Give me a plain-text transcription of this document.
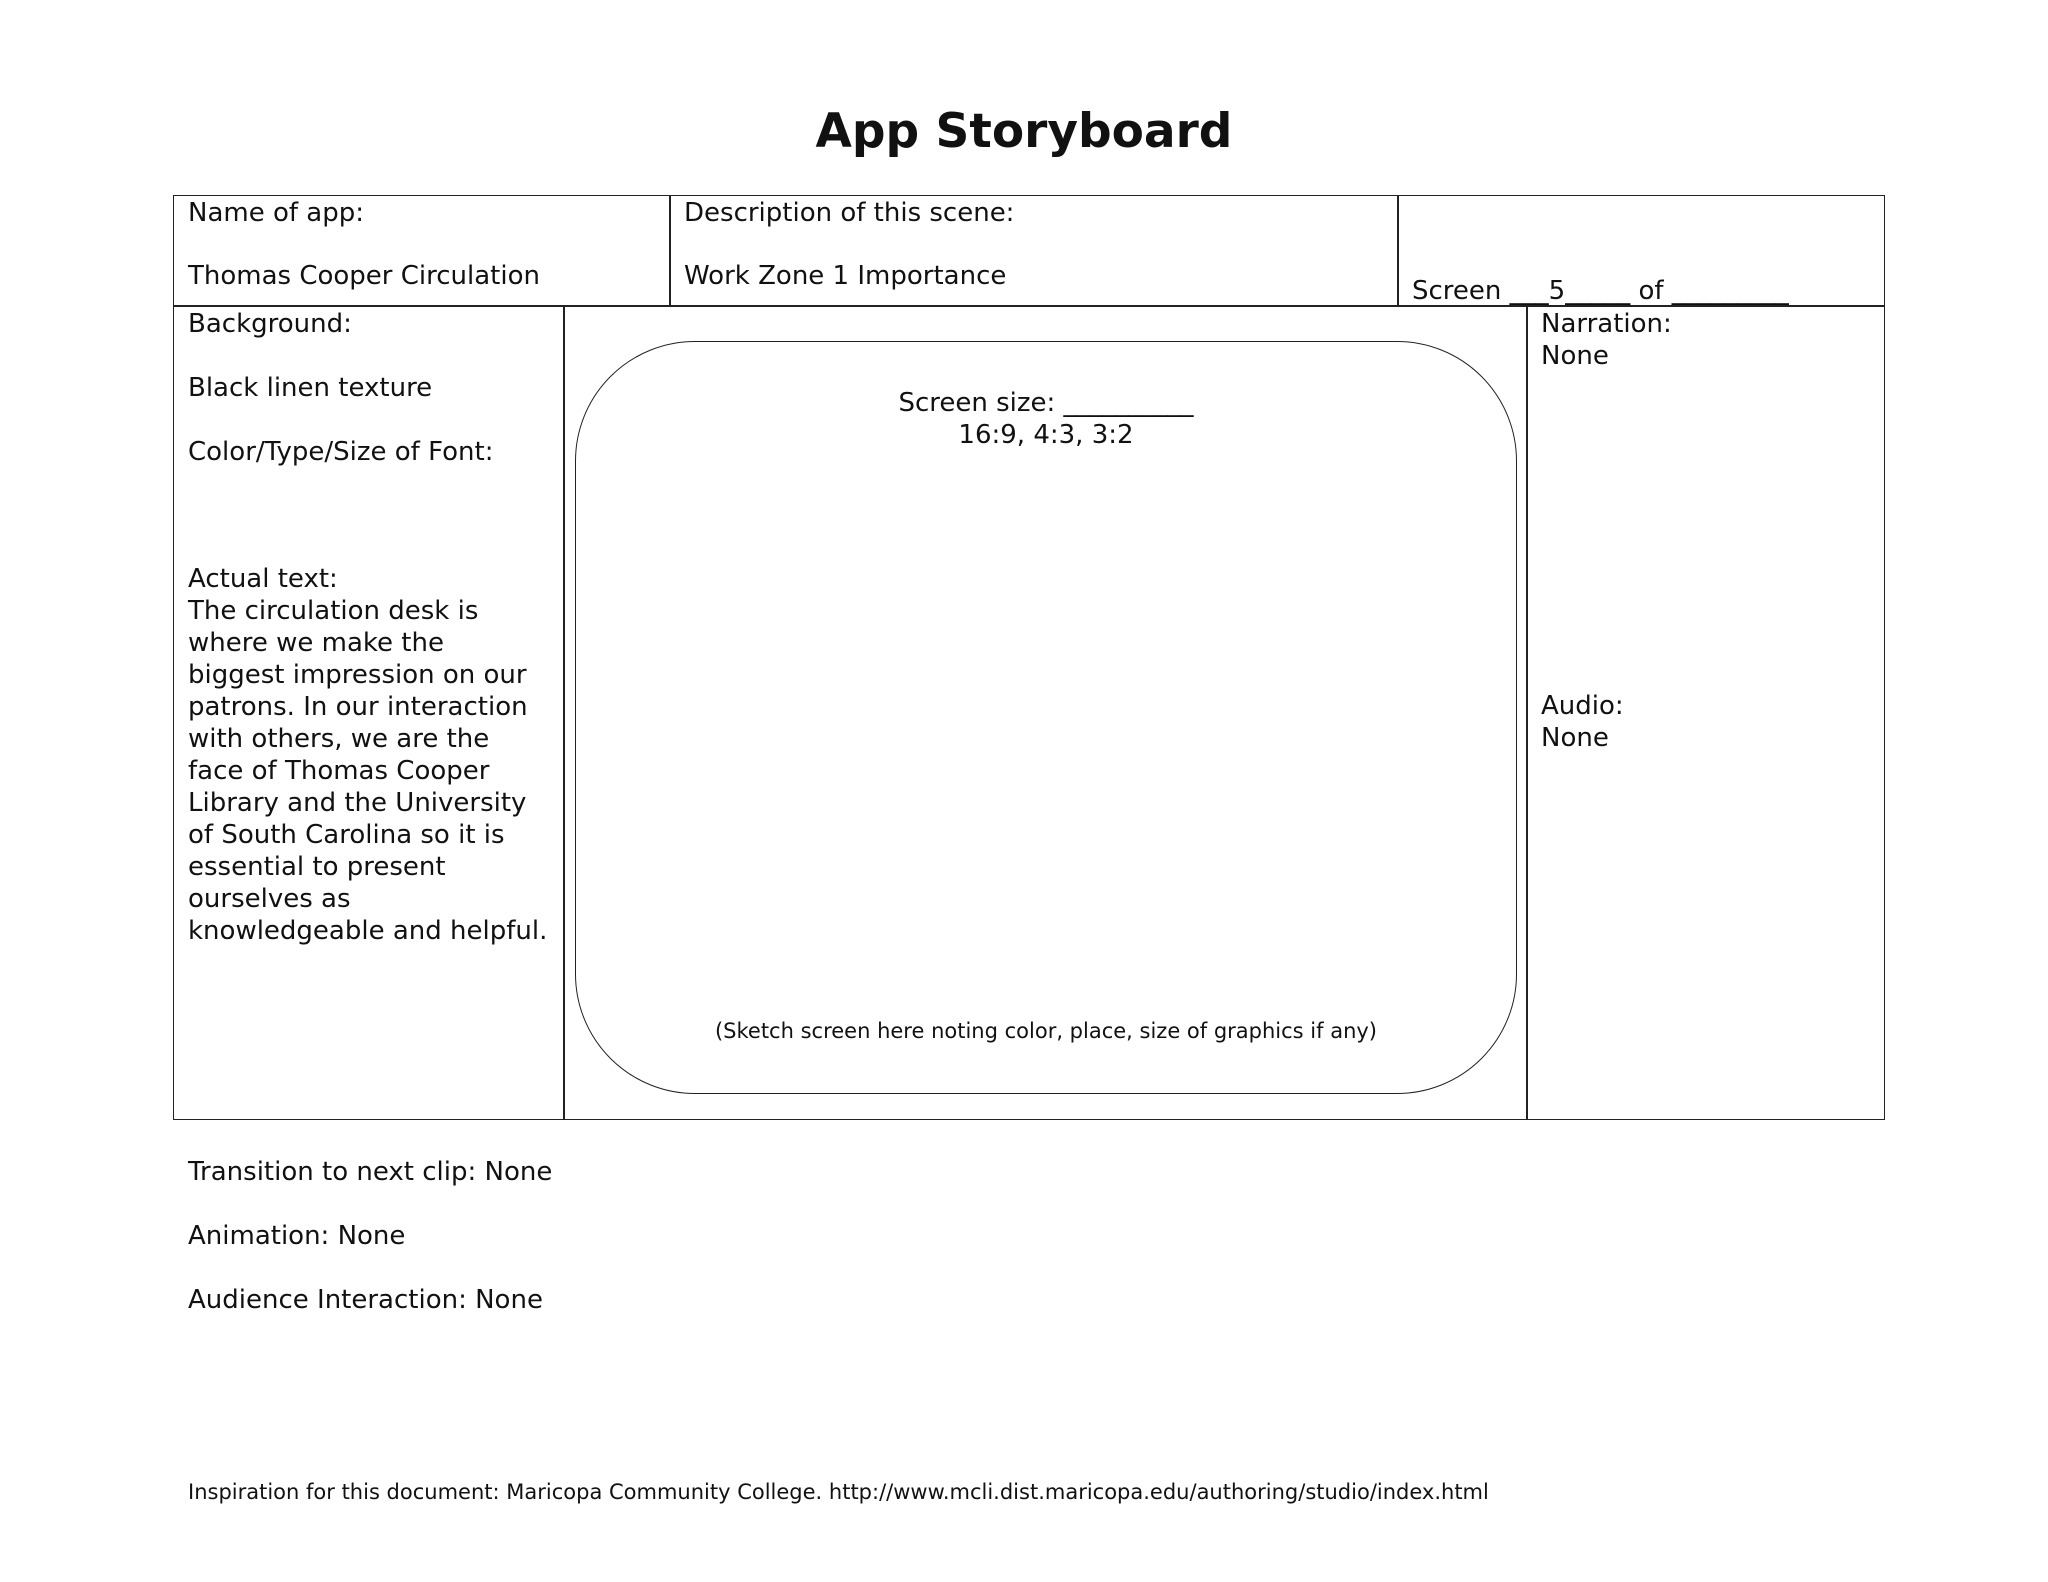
App Storyboard
Name of app:
Thomas Cooper Circulation
Description of this scene:
Work Zone 1 Importance	Screen ___5_____ of _________
Background:
Black linen texture
Color/Type/Size of Font:
Actual text:
The circulation desk is
where we make the
biggest impression on our
patrons. In our interaction
with others, we are the
face of Thomas Cooper
Library and the University
of South Carolina so it is
essential to present
ourselves as
knowledgeable and helpful.
Screen size: __________
16:9, 4:3, 3:2
(Sketch screen here noting color, place, size of graphics if any)
Narration:
None
Audio:
None
Transition to next clip: None
Animation: None
Audience Interaction: None
Inspiration for this document: Maricopa Community College. http://www.mcli.dist.maricopa.edu/authoring/studio/index.html
